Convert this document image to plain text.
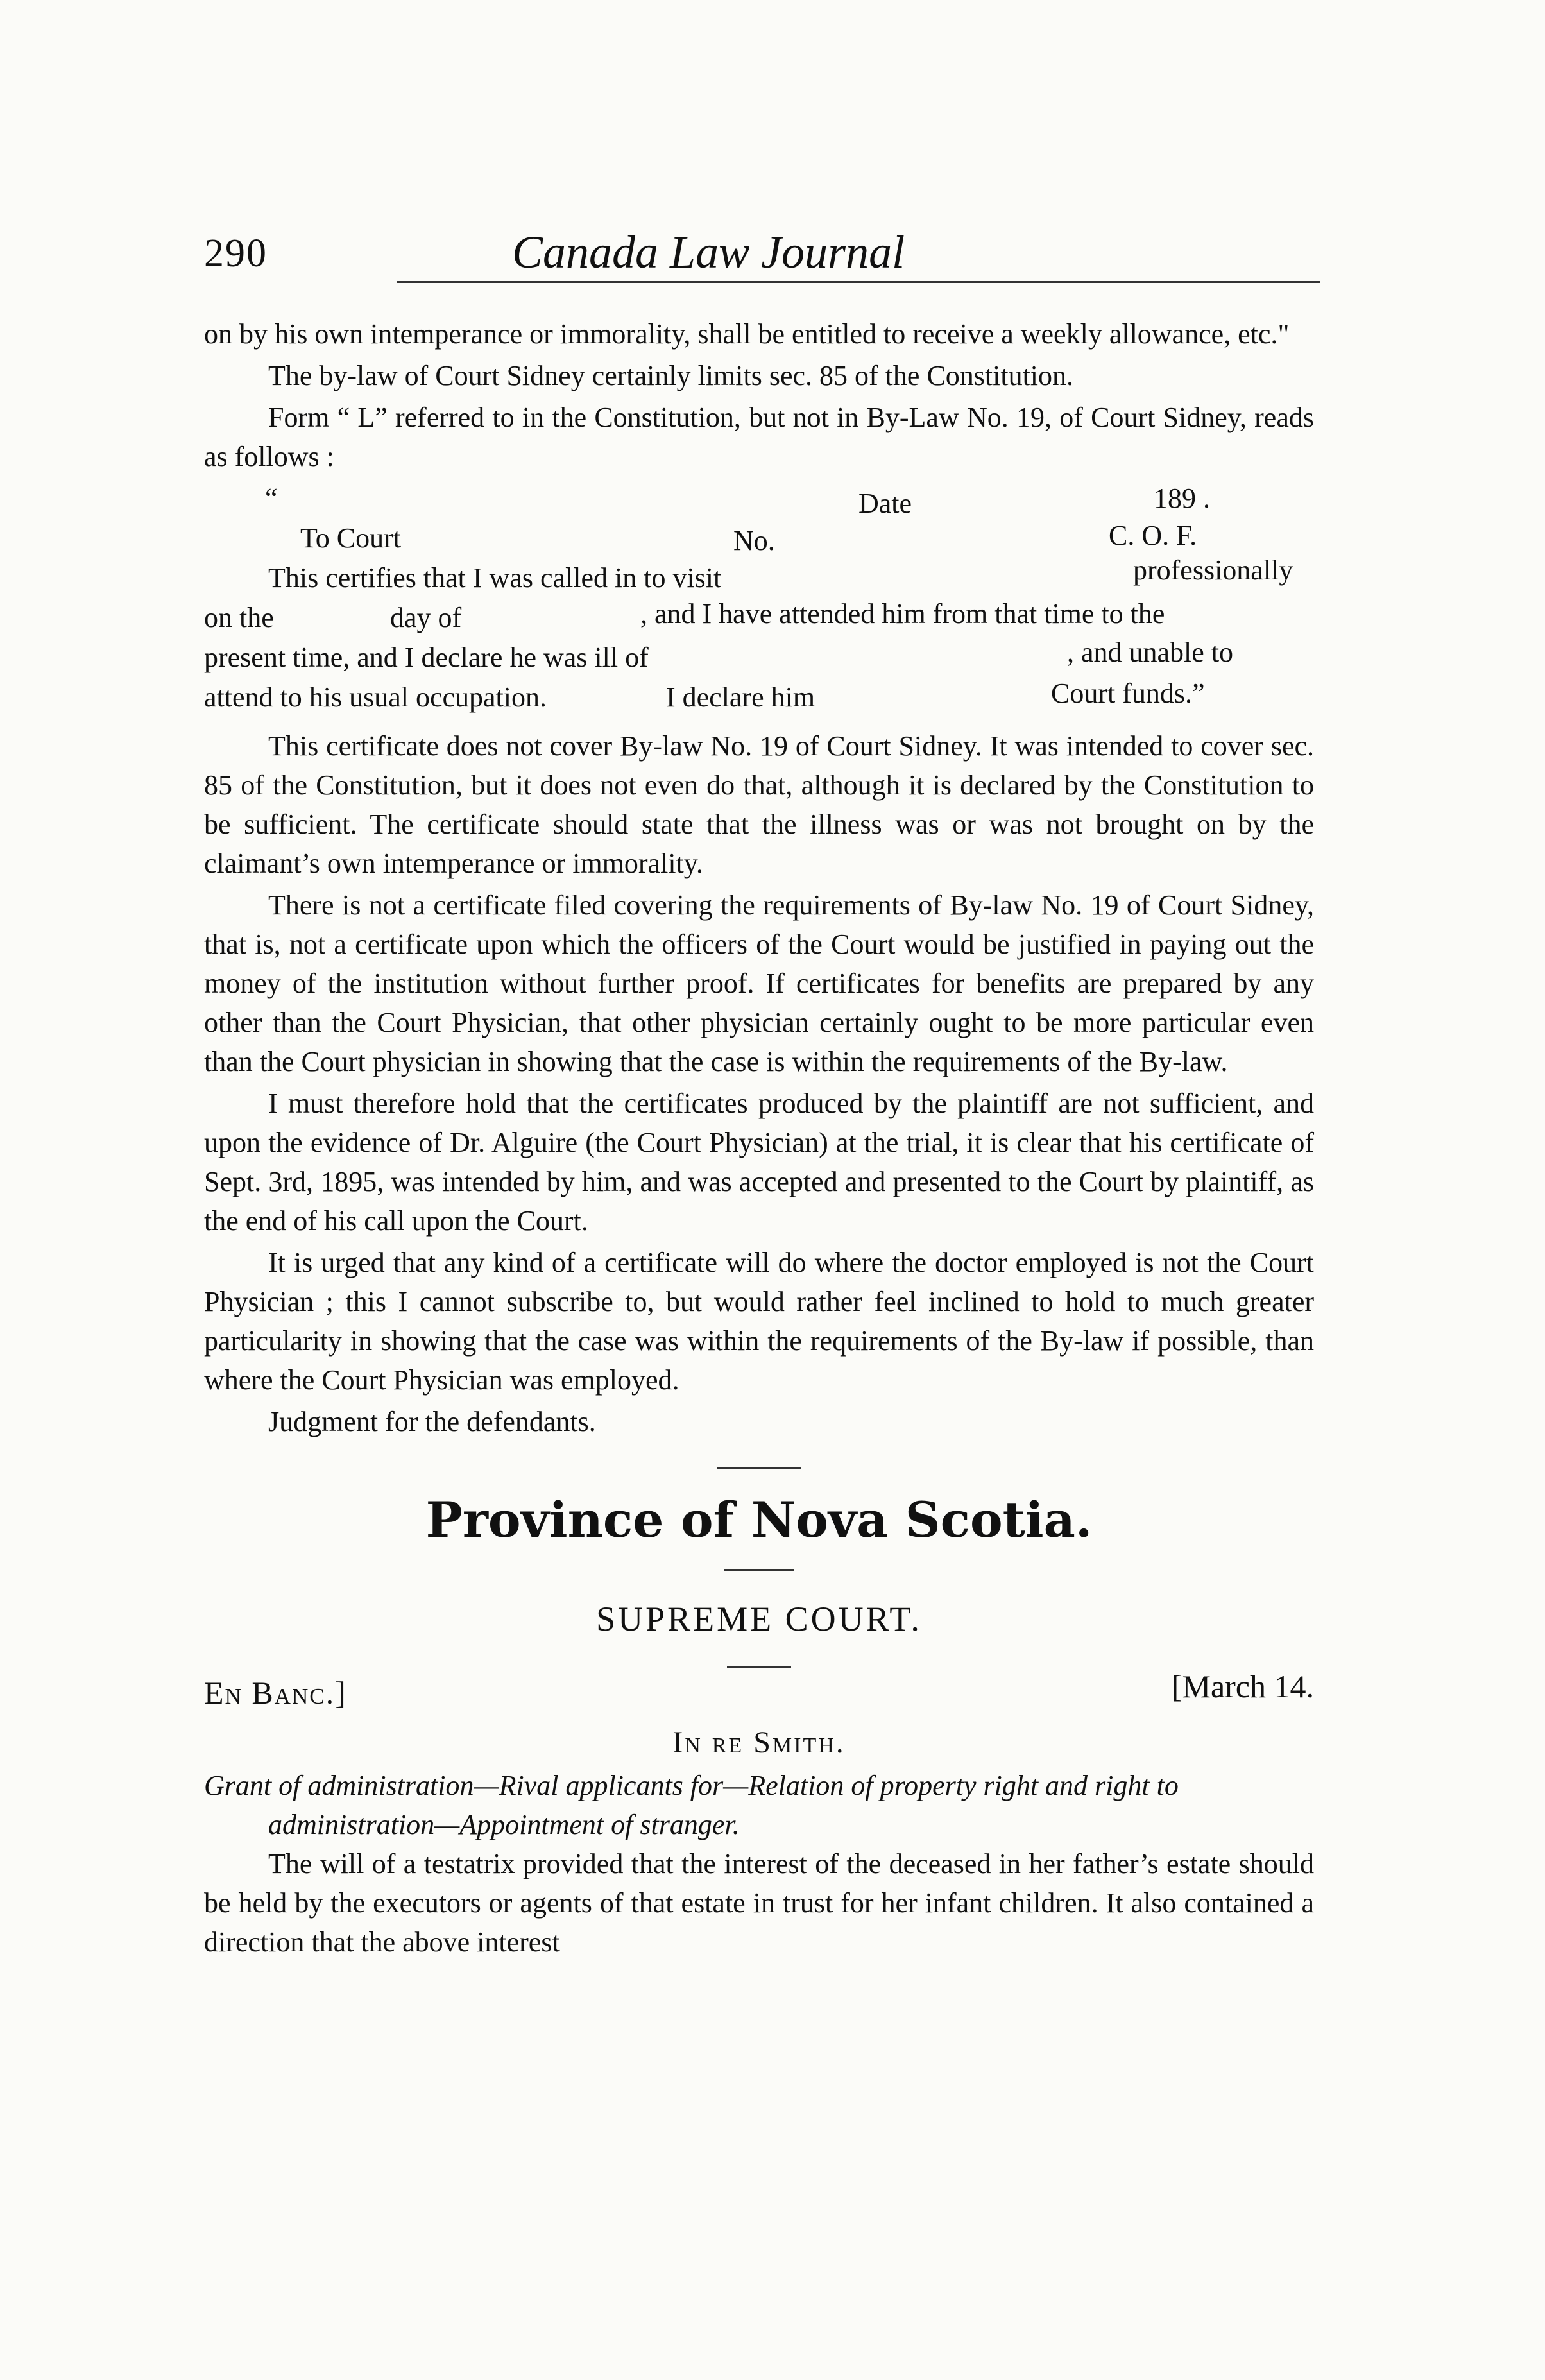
290	Canada Law Journal

on by his own intemperance or immorality, shall be entitled to receive a weekly allowance, etc."

The by-law of Court Sidney certainly limits sec. 85 of the Constitution.

Form “ L” referred to in the Constitution, but not in By-Law No. 19, of Court Sidney, reads as follows :

“	Date	189 .
To Court	No.	C. O. F.
This certifies that I was called in to visit	professionally
on the	day of	, and I have attended him from that time to the
present time, and I declare he was ill of	, and unable to
attend to his usual occupation.	I declare him	Court funds.”

This certificate does not cover By-law No. 19 of Court Sidney. It was intended to cover sec. 85 of the Constitution, but it does not even do that, although it is declared by the Constitution to be sufficient. The certificate should state that the illness was or was not brought on by the claimant’s own intemperance or immorality.

There is not a certificate filed covering the requirements of By-law No. 19 of Court Sidney, that is, not a certificate upon which the officers of the Court would be justified in paying out the money of the institution without further proof. If certificates for benefits are prepared by any other than the Court Physician, that other physician certainly ought to be more particular even than the Court physician in showing that the case is within the requirements of the By-law.

I must therefore hold that the certificates produced by the plaintiff are not sufficient, and upon the evidence of Dr. Alguire (the Court Physician) at the trial, it is clear that his certificate of Sept. 3rd, 1895, was intended by him, and was accepted and presented to the Court by plaintiff, as the end of his call upon the Court.

It is urged that any kind of a certificate will do where the doctor employed is not the Court Physician ; this I cannot subscribe to, but would rather feel inclined to hold to much greater particularity in showing that the case was within the requirements of the By-law if possible, than where the Court Physician was employed.

Judgment for the defendants.

Province of Nova Scotia.
SUPREME COURT.
En Banc.]	[March 14.
In re Smith.

Grant of administration—Rival applicants for—Relation of property right and right to administration—Appointment of stranger.

The will of a testatrix provided that the interest of the deceased in her father’s estate should be held by the executors or agents of that estate in trust for her infant children. It also contained a direction that the above interest
